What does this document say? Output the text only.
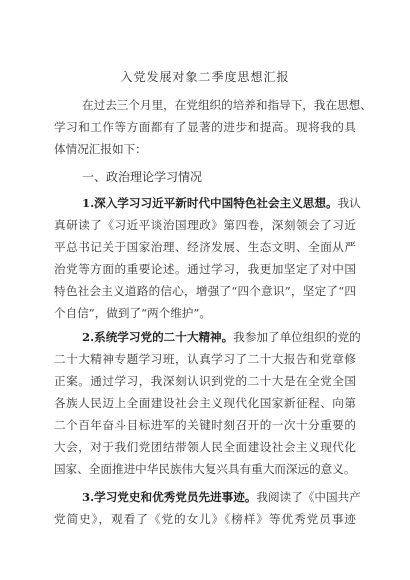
入党发展对象二季度思想汇报
在过去三个月里，在党组织的培养和指导下，我在思想、
学习和工作等方面都有了显著的进步和提高。现将我的具
体情况汇报如下：
一、政治理论学习情况
1.深入学习习近平新时代中国特色社会主义思想。我认
真研读了《习近平谈治国理政》第四卷，深刻领会了习近
平总书记关于国家治理、经济发展、生态文明、全面从严
治党等方面的重要论述。通过学习，我更加坚定了对中国
特色社会主义道路的信心，增强了“四个意识”，坚定了“四
个自信”，做到了“两个维护”。
2.系统学习党的二十大精神。我参加了单位组织的党的
二十大精神专题学习班，认真学习了二十大报告和党章修
正案。通过学习，我深刻认识到党的二十大是在全党全国
各族人民迈上全面建设社会主义现代化国家新征程、向第
二个百年奋斗目标进军的关键时刻召开的一次十分重要的
大会，对于我们党团结带领人民全面建设社会主义现代化
国家、全面推进中华民族伟大复兴具有重大而深远的意义。
3.学习党史和优秀党员先进事迹。我阅读了《中国共产
党简史》，观看了《党的女儿》《榜样》等优秀党员事迹
